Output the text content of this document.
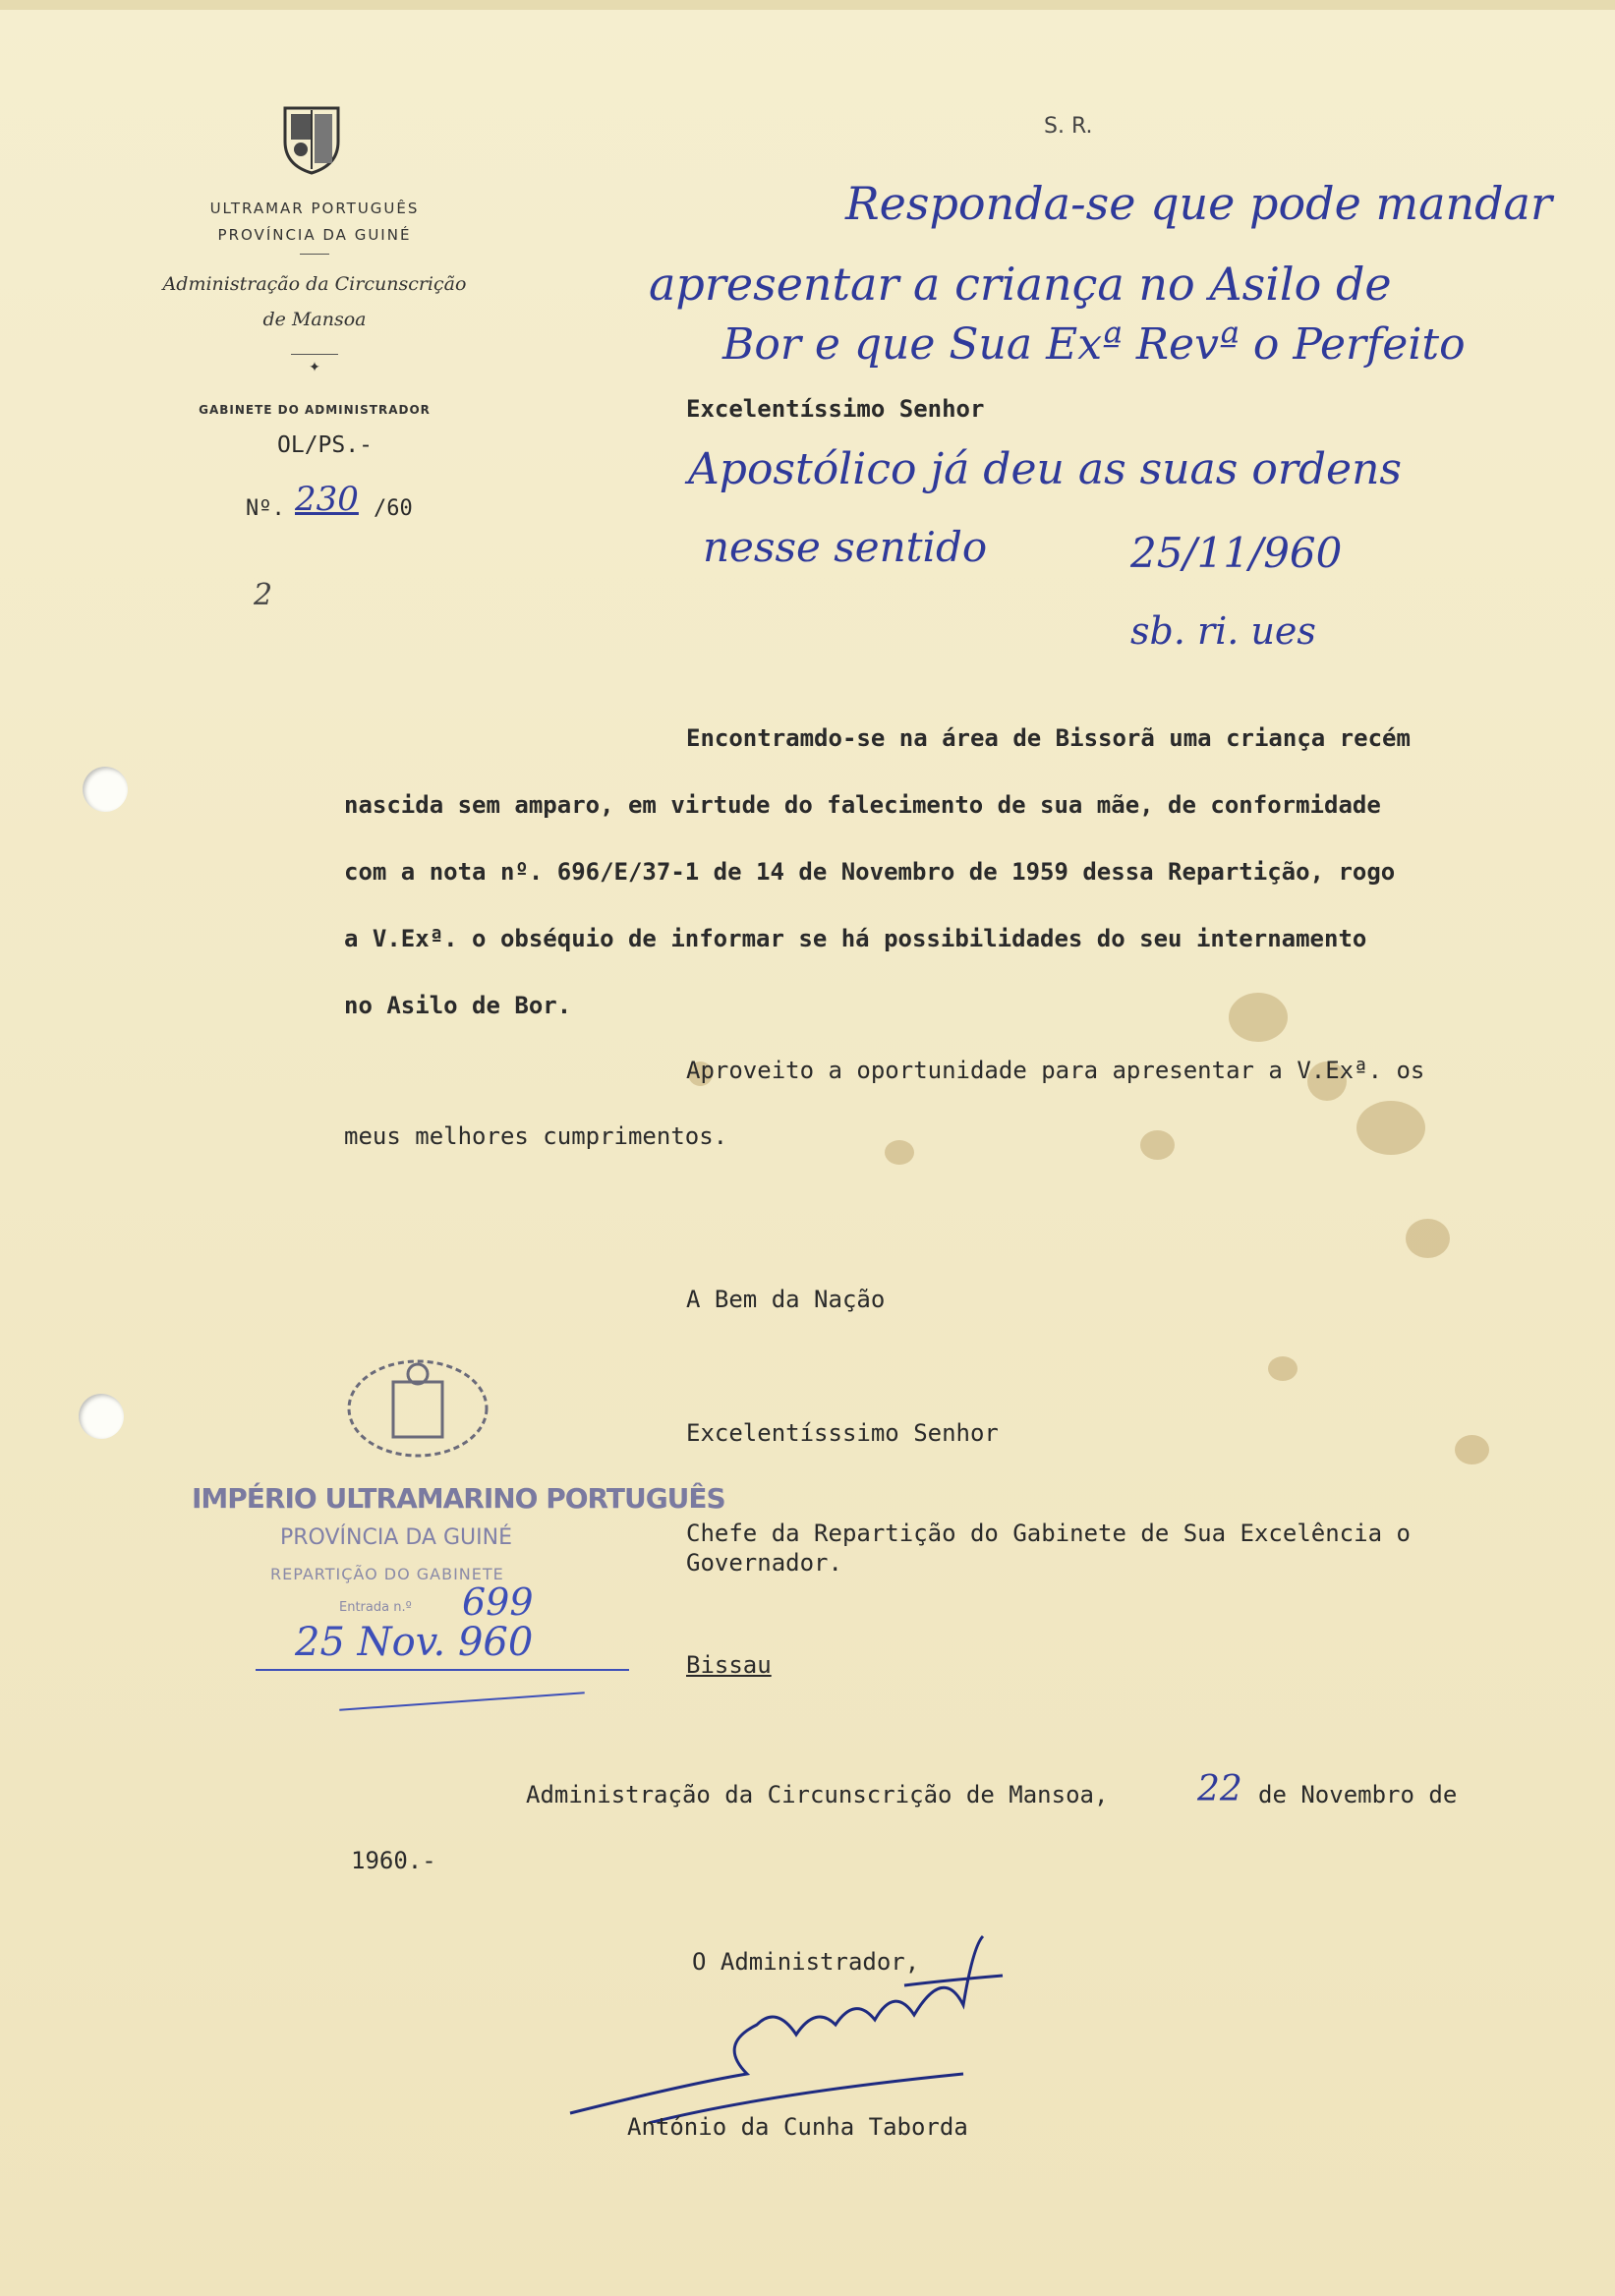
ULTRAMAR PORTUGUÊS
PROVÍNCIA DA GUINÉ
Administração da Circunscrição
de Mansoa
✦
GABINETE DO ADMINISTRADOR
OL/PS.-
Nº. 230 /60
2
S. R.
Responda-se que pode mandar
apresentar a criança no Asilo de
Bor e que Sua Exª Revª o Perfeito
Apostólico já deu as suas ordens
nesse sentido	25/11/960
sb. ri. ues
Excelentíssimo Senhor
Encontramdo-se na área de Bissorã uma criança recém
nascida sem amparo, em virtude do falecimento de sua mãe, de conformidade
com a nota nº. 696/E/37-1 de 14 de Novembro de 1959 dessa Repartição, rogo
a V.Exª. o obséquio de informar se há possibilidades do seu internamento
no Asilo de Bor.
Aproveito a oportunidade para apresentar a V.Exª. os
meus melhores cumprimentos.
A Bem da Nação
Excelentísssimo Senhor
Chefe da Repartição do Gabinete de Sua Excelência o
Governador.
Bissau
IMPÉRIO ULTRAMARINO PORTUGUÊS
PROVÍNCIA DA GUINÉ
REPARTIÇÃO DO GABINETE
Entrada n.º 699
25 Nov. 960
Administração da Circunscrição de Mansoa,	22 de Novembro de
1960.-
O Administrador,
António da Cunha Taborda
